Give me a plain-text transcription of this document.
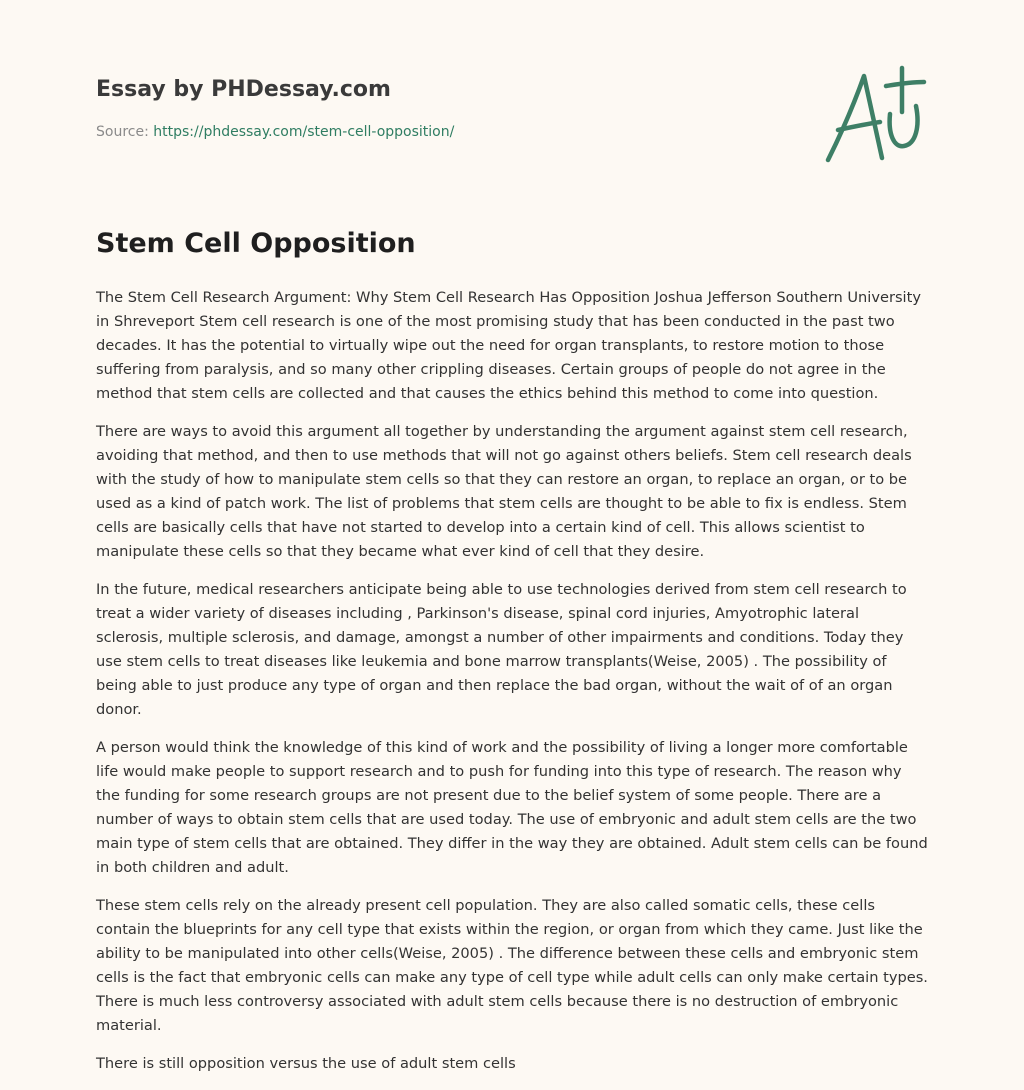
Essay by PHDessay.com
Source: https://phdessay.com/stem-cell-opposition/
Stem Cell Opposition

The Stem Cell Research Argument: Why Stem Cell Research Has Opposition Joshua Jefferson Southern University in Shreveport Stem cell research is one of the most promising study that has been conducted in the past two decades. It has the potential to virtually wipe out the need for organ transplants, to restore motion to those suffering from paralysis, and so many other crippling diseases. Certain groups of people do not agree in the method that stem cells are collected and that causes the ethics behind this method to come into question.

There are ways to avoid this argument all together by understanding the argument against stem cell research, avoiding that method, and then to use methods that will not go against others beliefs. Stem cell research deals with the study of how to manipulate stem cells so that they can restore an organ, to replace an organ, or to be used as a kind of patch work. The list of problems that stem cells are thought to be able to fix is endless. Stem cells are basically cells that have not started to develop into a certain kind of cell. This allows scientist to manipulate these cells so that they became what ever kind of cell that they desire.

In the future, medical researchers anticipate being able to use technologies derived from stem cell research to treat a wider variety of diseases including , Parkinson's disease, spinal cord injuries, Amyotrophic lateral sclerosis, multiple sclerosis, and damage, amongst a number of other impairments and conditions. Today they use stem cells to treat diseases like leukemia and bone marrow transplants(Weise, 2005) . The possibility of being able to just produce any type of organ and then replace the bad organ, without the wait of of an organ donor.

A person would think the knowledge of this kind of work and the possibility of living a longer more comfortable life would make people to support research and to push for funding into this type of research. The reason why the funding for some research groups are not present due to the belief system of some people. There are a number of ways to obtain stem cells that are used today. The use of embryonic and adult stem cells are the two main type of stem cells that are obtained. They differ in the way they are obtained. Adult stem cells can be found in both children and adult.

These stem cells rely on the already present cell population. They are also called somatic cells, these cells contain the blueprints for any cell type that exists within the region, or organ from which they came. Just like the ability to be manipulated into other cells(Weise, 2005) . The difference between these cells and embryonic stem cells is the fact that embryonic cells can make any type of cell type while adult cells can only make certain types. There is much less controversy associated with adult stem cells because there is no destruction of embryonic material.

There is still opposition versus the use of adult stem cells
